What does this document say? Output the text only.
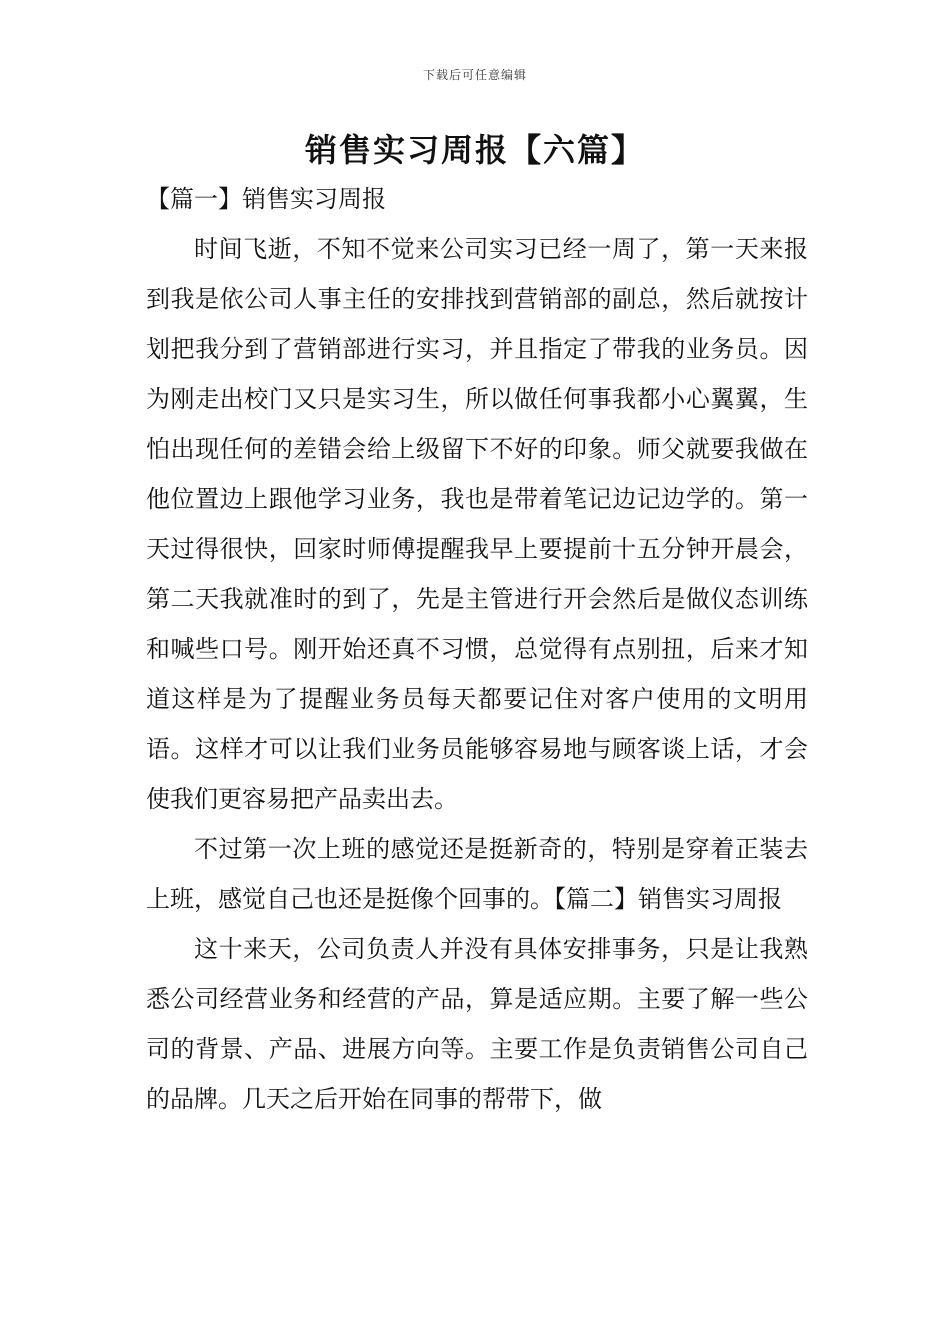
下载后可任意编辑
销售实习周报【六篇】

【篇一】销售实习周报

时间飞逝，不知不觉来公司实习已经一周了，第一天来报到我是依公司人事主任的安排找到营销部的副总，然后就按计划把我分到了营销部进行实习，并且指定了带我的业务员。因为刚走出校门又只是实习生，所以做任何事我都小心翼翼，生怕出现任何的差错会给上级留下不好的印象。师父就要我做在他位置边上跟他学习业务，我也是带着笔记边记边学的。第一天过得很快，回家时师傅提醒我早上要提前十五分钟开晨会，第二天我就准时的到了，先是主管进行开会然后是做仪态训练和喊些口号。刚开始还真不习惯，总觉得有点别扭，后来才知道这样是为了提醒业务员每天都要记住对客户使用的文明用语。这样才可以让我们业务员能够容易地与顾客谈上话，才会使我们更容易把产品卖出去。

不过第一次上班的感觉还是挺新奇的，特别是穿着正装去上班，感觉自己也还是挺像个回事的。【篇二】销售实习周报

这十来天，公司负责人并没有具体安排事务，只是让我熟悉公司经营业务和经营的产品，算是适应期。主要了解一些公司的背景、产品、进展方向等。主要工作是负责销售公司自己的品牌。几天之后开始在同事的帮带下，做
